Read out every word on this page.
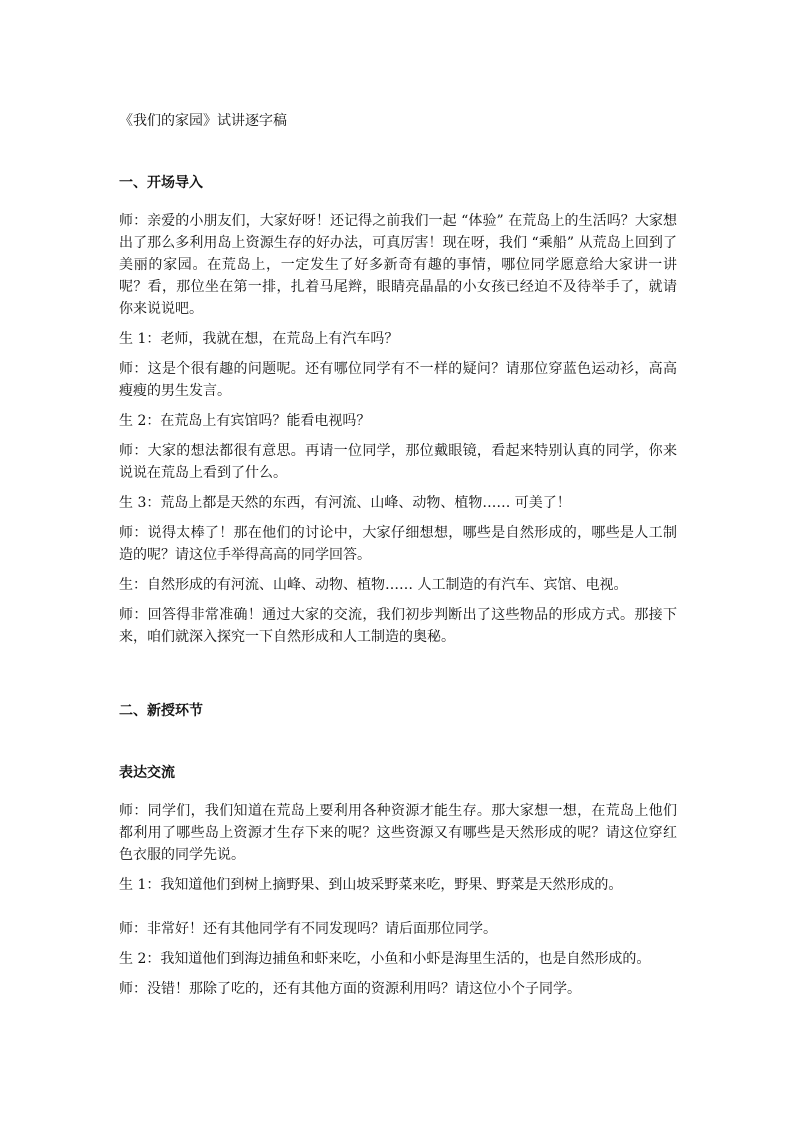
《我们的家园》试讲逐字稿
一、开场导入

师：亲爱的小朋友们，大家好呀！还记得之前我们一起 “体验” 在荒岛上的生活吗？大家想出了那么多利用岛上资源生存的好办法，可真厉害！现在呀，我们 “乘船” 从荒岛上回到了美丽的家园。在荒岛上，一定发生了好多新奇有趣的事情，哪位同学愿意给大家讲一讲呢？看，那位坐在第一排，扎着马尾辫，眼睛亮晶晶的小女孩已经迫不及待举手了，就请你来说说吧。

生 1：老师，我就在想，在荒岛上有汽车吗？

师：这是个很有趣的问题呢。还有哪位同学有不一样的疑问？请那位穿蓝色运动衫，高高瘦瘦的男生发言。

生 2：在荒岛上有宾馆吗？能看电视吗？

师：大家的想法都很有意思。再请一位同学，那位戴眼镜，看起来特别认真的同学，你来说说在荒岛上看到了什么。

生 3：荒岛上都是天然的东西，有河流、山峰、动物、植物…… 可美了！

师：说得太棒了！那在他们的讨论中，大家仔细想想，哪些是自然形成的，哪些是人工制造的呢？请这位手举得高高的同学回答。

生：自然形成的有河流、山峰、动物、植物…… 人工制造的有汽车、宾馆、电视。

师：回答得非常准确！通过大家的交流，我们初步判断出了这些物品的形成方式。那接下来，咱们就深入探究一下自然形成和人工制造的奥秘。

二、新授环节
表达交流

师：同学们，我们知道在荒岛上要利用各种资源才能生存。那大家想一想，在荒岛上他们都利用了哪些岛上资源才生存下来的呢？这些资源又有哪些是天然形成的呢？请这位穿红色衣服的同学先说。

生 1：我知道他们到树上摘野果、到山坡采野菜来吃，野果、野菜是天然形成的。

师：非常好！还有其他同学有不同发现吗？请后面那位同学。

生 2：我知道他们到海边捕鱼和虾来吃，小鱼和小虾是海里生活的，也是自然形成的。

师：没错！那除了吃的，还有其他方面的资源利用吗？请这位小个子同学。
